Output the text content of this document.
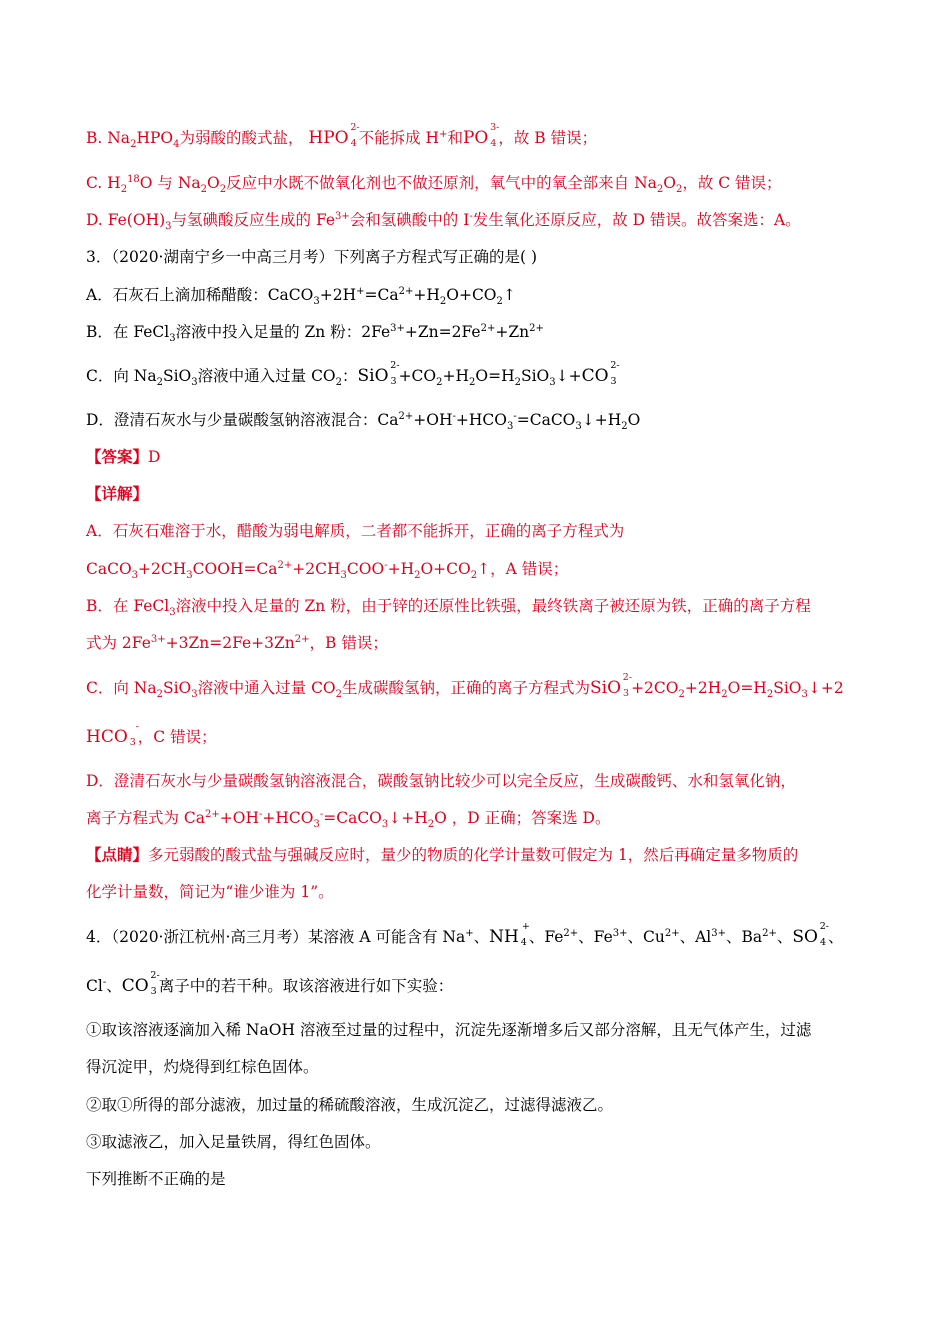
B. $Na_2HPO_4$为弱酸的酸式盐， HPO
2-
4 不能拆成 H+和PO
3-
4 ，故 B 错误；
C. $H_2^{18}O$ 与 $Na_2O_2$反应中水既不做氧化剂也不做还原剂，氧气中的氧全部来自 $Na_2O_2$，故 C 错误；
D. $Fe(OH)_3$与氢碘酸反应生成的 $Fe^{3+}$会和氢碘酸中的 I-发生氧化还原反应，故 D 错误。故答案选：A。
3．（2020·湖南宁乡一中高三月考）下列离子方程式写正确的是( )
A．石灰石上滴加稀醋酸：$CaCO_3+2H^+=Ca^{2+}+H_2O+CO_2↑$
B．在 FeCl$_3$溶液中投入足量的 Zn 粉：$2Fe^{3+}+Zn=2Fe^{2+}+Zn^{2+}$
C．向 $Na_2SiO_3$溶液中通入过量 $CO_2$：SiO
2-
$3 +CO_2+H_2O=H_2SiO_3↓+CO$
2-
3
D．澄清石灰水与少量碳酸氢钠溶液混合：$Ca^{2+}+OH^-+HCO_3^-=CaCO_3↓+H_2O$
【答案】D
【详解】
A．石灰石难溶于水，醋酸为弱电解质，二者都不能拆开，正确的离子方程式为
$CaCO_3+2CH_3COOH=Ca^{2+}+2CH_3COO^-+H_2O+CO_2↑$，A 错误；
B．在 FeCl$_3$溶液中投入足量的 Zn 粉，由于锌的还原性比铁强，最终铁离子被还原为铁，正确的离子方程
式为 $2Fe^{3+}+3Zn=2Fe+3Zn^{2+}$，B 错误；
C．向 $Na_2SiO_3$溶液中通入过量 $CO_2$生成碳酸氢钠，正确的离子方程式为SiO
2-
$3 +2CO_2+2H_2O=H_2SiO_3↓+2$
HCO
-
3 ，C 错误；
D．澄清石灰水与少量碳酸氢钠溶液混合，碳酸氢钠比较少可以完全反应，生成碳酸钙、水和氢氧化钠，
离子方程式为 $Ca^{2+}+OH^-+HCO_3^-=CaCO_3↓+H_2O$ ，D 正确；答案选 D。
【点睛】多元弱酸的酸式盐与强碱反应时，量少的物质的化学计量数可假定为 1，然后再确定量多物质的
化学计量数，简记为“谁少谁为 1”。
4．（2020·浙江杭州·高三月考）某溶液 A 可能含有 Na+、NH
+
4 、$Fe^{2+}$、$Fe^{3+}$、$Cu^{2+}$、$Al^{3+}$、$Ba^{2+}$、SO
2-
4 、
Cl-、CO
2-
3 离子中的若干种。取该溶液进行如下实验：
①取该溶液逐滴加入稀 NaOH 溶液至过量的过程中，沉淀先逐渐增多后又部分溶解，且无气体产生，过滤
得沉淀甲，灼烧得到红棕色固体。
②取①所得的部分滤液，加过量的稀硫酸溶液，生成沉淀乙，过滤得滤液乙。
③取滤液乙，加入足量铁屑，得红色固体。
下列推断不正确的是
